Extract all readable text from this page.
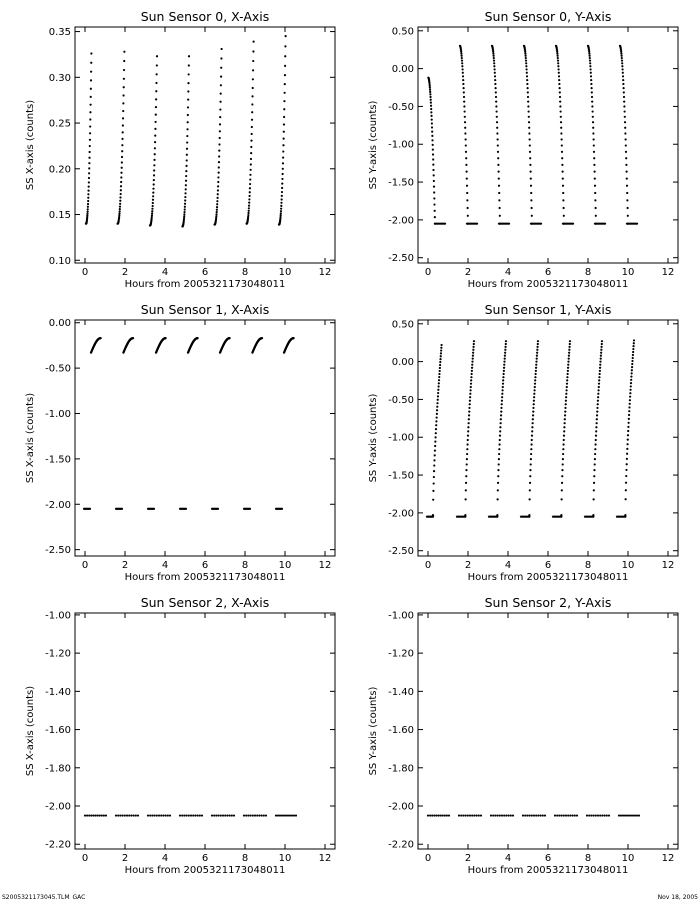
Sun Sensor 0, X-Axis
Hours from 2005321173048011
SS X-axis (counts)
0	2	4	6	8	10	12
0.10
0.15
0.20
0.25
0.30
0.35
Sun Sensor 0, Y-Axis
Hours from 2005321173048011
SS Y-axis (counts)
0	2	4	6	8	10	12
0.50
0.00
-0.50
-1.00
-1.50
-2.00
-2.50
Sun Sensor 1, X-Axis
Hours from 2005321173048011
SS X-axis (counts)
0	2	4	6	8	10	12
0.00
-0.50
-1.00
-1.50
-2.00
-2.50
Sun Sensor 1, Y-Axis
Hours from 2005321173048011
SS Y-axis (counts)
0	2	4	6	8	10	12
0.50
0.00
-0.50
-1.00
-1.50
-2.00
-2.50
Sun Sensor 2, X-Axis
Hours from 2005321173048011
SS X-axis (counts)
0	2	4	6	8	10	12
-1.00
-1.20
-1.40
-1.60
-1.80
-2.00
-2.20
Sun Sensor 2, Y-Axis
Hours from 2005321173048011
SS Y-axis (counts)
0	2	4	6	8	10	12
-1.00
-1.20
-1.40
-1.60
-1.80
-2.00
-2.20
S2005321173045.TLM_GAC	Nov 18, 2005
